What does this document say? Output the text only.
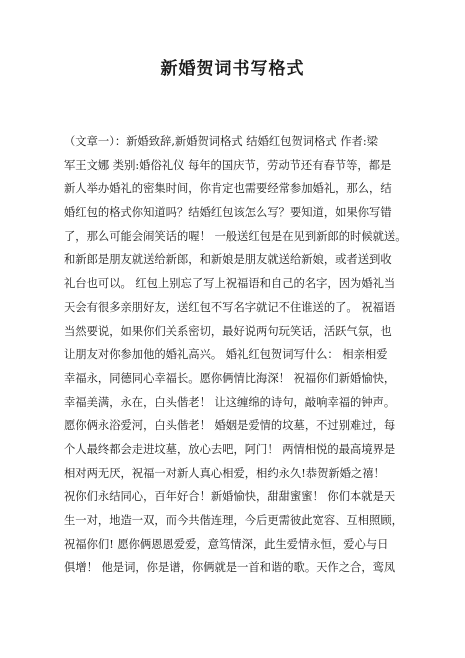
新婚贺词书写格式
（文章一）：新婚致辞,新婚贺词格式 结婚红包贺词格式 作者:梁
军王文娜 类别:婚俗礼仪 每年的国庆节，劳动节还有春节等，都是
新人举办婚礼的密集时间，你肯定也需要经常参加婚礼，那么，结
婚红包的格式你知道吗？结婚红包该怎么写？要知道，如果你写错
了，那么可能会闹笑话的喔！ 一般送红包是在见到新郎的时候就送。
和新郎是朋友就送给新郎，和新娘是朋友就送给新娘，或者送到收
礼台也可以。 红包上别忘了写上祝福语和自己的名字，因为婚礼当
天会有很多亲朋好友，送红包不写名字就记不住谁送的了。 祝福语
当然要说，如果你们关系密切，最好说两句玩笑话，活跃气氛，也
让朋友对你参加他的婚礼高兴。 婚礼红包贺词写什么： 相亲相爱
幸福永，同德同心幸福长。愿你俩情比海深！ 祝福你们新婚愉快，
幸福美满，永在，白头偕老！ 让这缠绵的诗句，敲响幸福的钟声。
愿你俩永浴爱河，白头偕老！ 婚姻是爱情的坟墓，不过别难过，每
个人最终都会走进坟墓，放心去吧，阿门！ 两情相悦的最高境界是
相对两无厌，祝福一对新人真心相爱，相约永久!恭贺新婚之禧！
祝你们永结同心，百年好合！新婚愉快，甜甜蜜蜜！ 你们本就是天
生一对，地造一双，而今共偕连理，今后更需彼此宽容、互相照顾，
祝福你们! 愿你俩恩恩爱爱，意笃情深，此生爱情永恒，爱心与日
俱增！ 他是词，你是谱，你俩就是一首和谐的歌。天作之合，鸾凤
